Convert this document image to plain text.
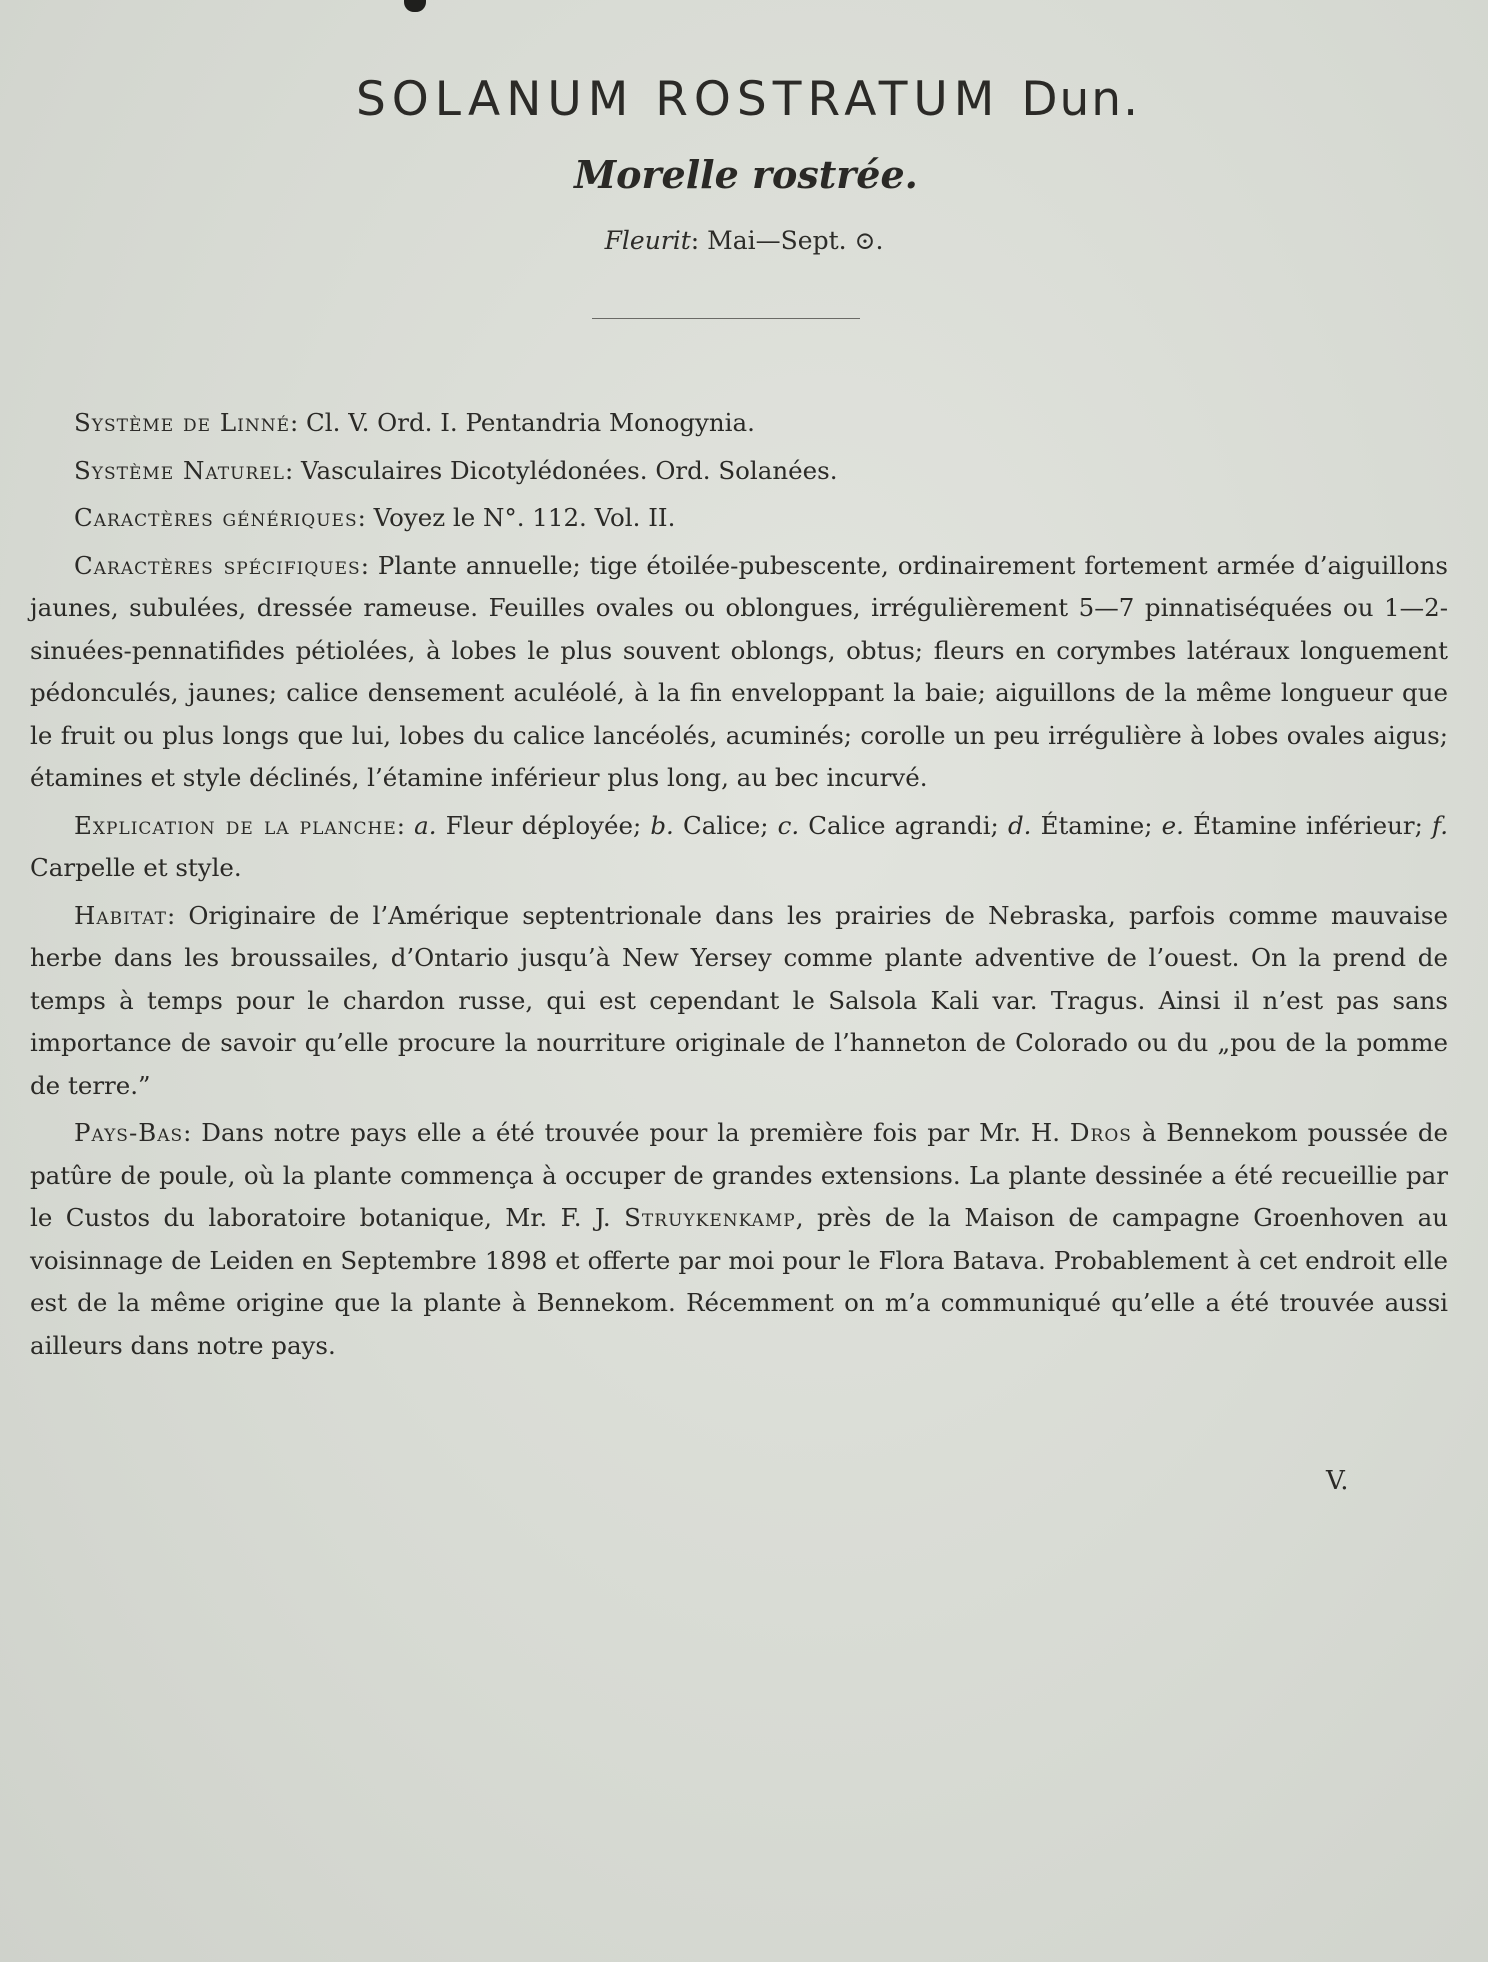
SOLANUM ROSTRATUM Dun.
Morelle rostrée.
Fleurit: Mai—Sept. ⊙.

Système de Linné: Cl. V. Ord. I. Pentandria Monogynia.

Système Naturel: Vasculaires Dicotylédonées. Ord. Solanées.

Caractères génériques: Voyez le N°. 112. Vol. II.

Caractères spécifiques: Plante annuelle; tige étoilée-pubescente, ordinairement fortement armée d’aiguillons jaunes, subulées, dressée rameuse. Feuilles ovales ou oblongues, irrégulièrement 5—7 pinnatiséquées ou 1—2-sinuées-pennatifides pétiolées, à lobes le plus souvent oblongs, obtus; fleurs en corymbes latéraux longuement pédonculés, jaunes; calice densement aculéolé, à la fin enveloppant la baie; aiguillons de la même longueur que le fruit ou plus longs que lui, lobes du calice lancéolés, acuminés; corolle un peu irrégulière à lobes ovales aigus; étamines et style déclinés, l’étamine inférieur plus long, au bec incurvé.

Explication de la planche: a. Fleur déployée; b. Calice; c. Calice agrandi; d. Étamine; e. Étamine inférieur; f. Carpelle et style.

Habitat: Originaire de l’Amérique septentrionale dans les prairies de Nebraska, parfois comme mauvaise herbe dans les broussailes, d’Ontario jusqu’à New Yersey comme plante adventive de l’ouest. On la prend de temps à temps pour le chardon russe, qui est cependant le Salsola Kali var. Tragus. Ainsi il n’est pas sans importance de savoir qu’elle procure la nourriture originale de l’hanneton de Colorado ou du „pou de la pomme de terre.”

Pays-Bas: Dans notre pays elle a été trouvée pour la première fois par Mr. H. Dros à Bennekom poussée de patûre de poule, où la plante commença à occuper de grandes extensions. La plante dessinée a été recueillie par le Custos du laboratoire botanique, Mr. F. J. Struykenkamp, près de la Maison de campagne Groenhoven au voisinnage de Leiden en Septembre 1898 et offerte par moi pour le Flora Batava. Probablement à cet endroit elle est de la même origine que la plante à Bennekom. Récemment on m’a communiqué qu’elle a été trouvée aussi ailleurs dans notre pays.

V.
